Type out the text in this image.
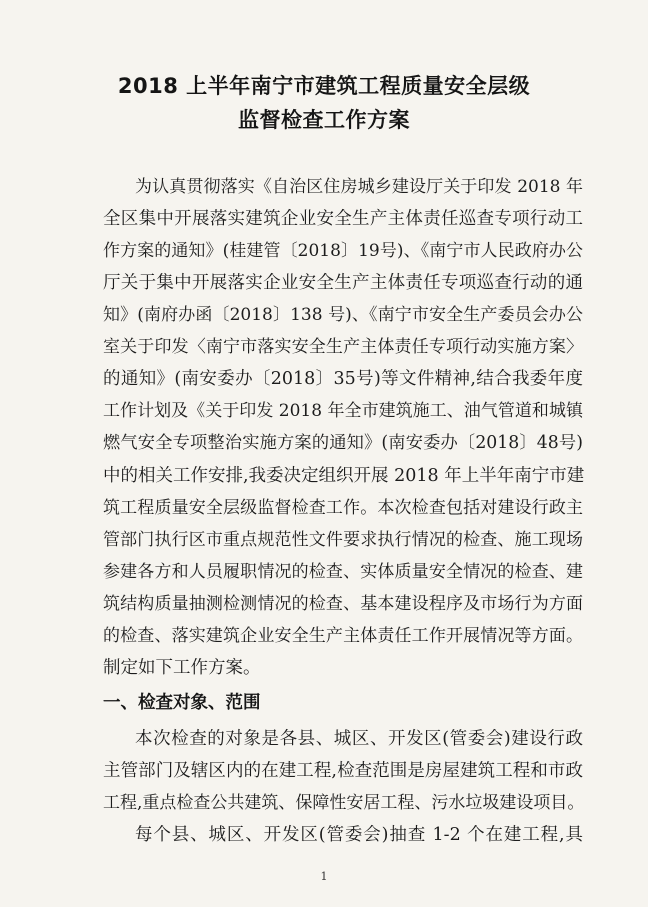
2018 上半年南宁市建筑工程质量安全层级
监督检查工作方案
为认真贯彻落实《自治区住房城乡建设厅关于印发 2018 年
全区集中开展落实建筑企业安全生产主体责任巡查专项行动工
作方案的通知》(桂建管〔2018〕19号)、《南宁市人民政府办公
厅关于集中开展落实企业安全生产主体责任专项巡查行动的通
知》(南府办函〔2018〕138 号)、《南宁市安全生产委员会办公
室关于印发〈南宁市落实安全生产主体责任专项行动实施方案〉
的通知》(南安委办〔2018〕35号)等文件精神,结合我委年度
工作计划及《关于印发 2018 年全市建筑施工、油气管道和城镇
燃气安全专项整治实施方案的通知》(南安委办〔2018〕48号)
中的相关工作安排,我委决定组织开展 2018 年上半年南宁市建
筑工程质量安全层级监督检查工作。本次检查包括对建设行政主
管部门执行区市重点规范性文件要求执行情况的检查、施工现场
参建各方和人员履职情况的检查、实体质量安全情况的检查、建
筑结构质量抽测检测情况的检查、基本建设程序及市场行为方面
的检查、落实建筑企业安全生产主体责任工作开展情况等方面。
制定如下工作方案。
一、检查对象、范围
本次检查的对象是各县、城区、开发区(管委会)建设行政
主管部门及辖区内的在建工程,检查范围是房屋建筑工程和市政
工程,重点检查公共建筑、保障性安居工程、污水垃圾建设项目。
每个县、城区、开发区(管委会)抽查 1-2 个在建工程,具
1
